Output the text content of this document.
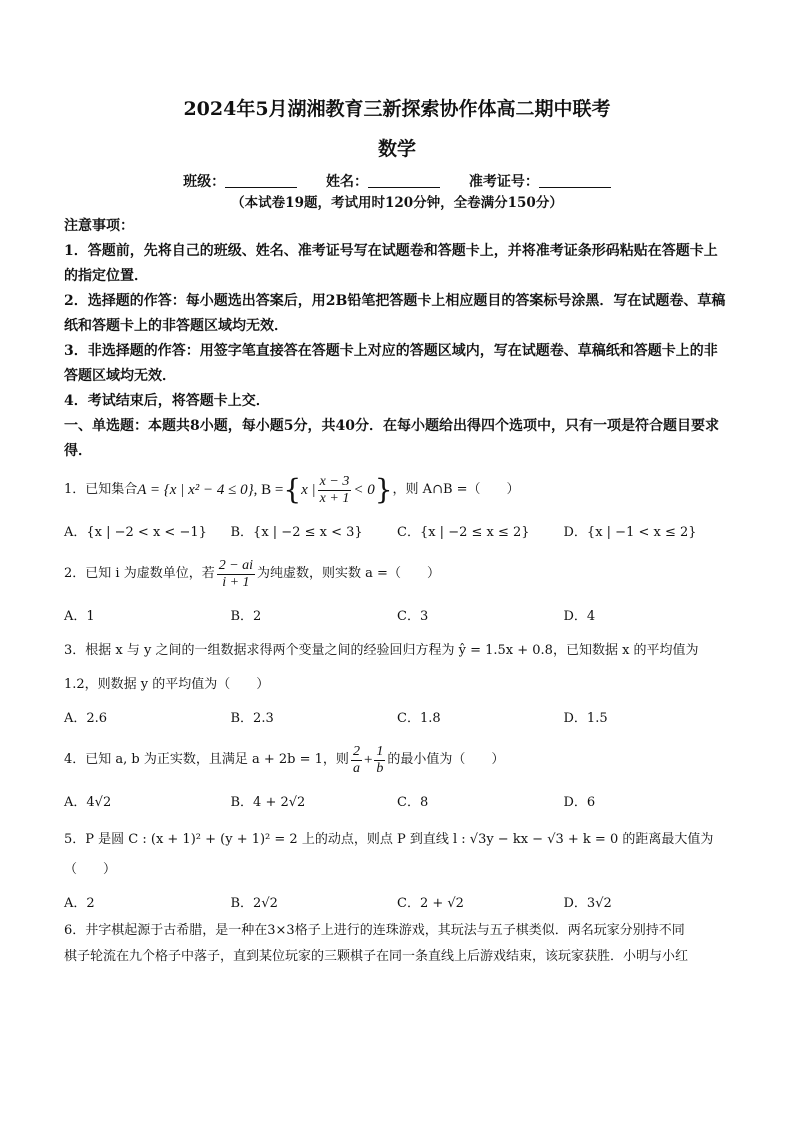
2024年5月湖湘教育三新探索协作体高二期中联考
数学
班级：	姓名：	准考证号：
（本试卷19题，考试用时120分钟，全卷满分150分）
注意事项：
1．答题前，先将自己的班级、姓名、准考证号写在试题卷和答题卡上，并将准考证条形码粘贴在答题卡上的指定位置．
2．选择题的作答：每小题选出答案后，用2B铅笔把答题卡上相应题目的答案标号涂黑．写在试题卷、草稿纸和答题卡上的非答题区域均无效．
3．非选择题的作答：用签字笔直接答在答题卡上对应的答题区域内，写在试题卷、草稿纸和答题卡上的非答题区域均无效．
4．考试结束后，将答题卡上交．
一、单选题：本题共8小题，每小题5分，共40分．在每小题给出得四个选项中，只有一项是符合题目要求得．
1．已知集合 A = {x | x² − 4 ≤ 0} , B = { x | $\frac{x - 3}{x + 1} < 0$ } ，则 A∩B =（　　）
A．{x | −2 < x < −1}	B．{x | −2 ≤ x < 3}	C．{x | −2 ≤ x ≤ 2}	D．{x | −1 < x ≤ 2}
2．已知 i 为虚数单位，若 $\frac{2 - ai}{i + 1}$ 为纯虚数，则实数 a =（　　）
A．1	B．2	C．3	D．4
3．根据 x 与 y 之间的一组数据求得两个变量之间的经验回归方程为 ŷ = 1.5x + 0.8，已知数据 x 的平均值为
1.2，则数据 y 的平均值为（　　）
A．2.6	B．2.3	C．1.8	D．1.5
4．已知 a, b 为正实数，且满足 a + 2b = 1，则 $\frac{2}{a} + \frac{1}{b}$ 的最小值为（　　）
A．4√2	B．4 + 2√2	C．8	D．6
5．P 是圆 C : (x + 1)² + (y + 1)² = 2 上的动点，则点 P 到直线 l : √3y − kx − √3 + k = 0 的距离最大值为
（　　）
A．2	B．2√2	C．2 + √2	D．3√2
6．井字棋起源于古希腊，是一种在3×3格子上进行的连珠游戏，其玩法与五子棋类似．两名玩家分别持不同
棋子轮流在九个格子中落子，直到某位玩家的三颗棋子在同一条直线上后游戏结束，该玩家获胜．小明与小红
